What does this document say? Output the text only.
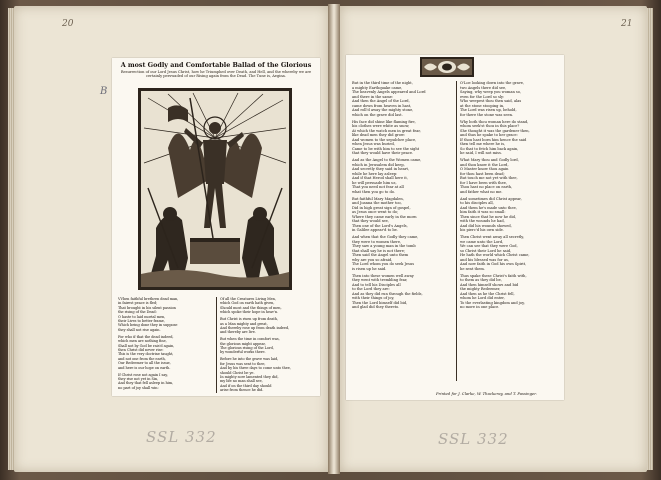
20	21
A most Godly and Comfortable Ballad of the Glorious
Resurrection of our Lord Jesus Christ, how he Triumphed over Death, and Hell, and the whereby we are certainly perswaded of our Rising again from the Dead. The Tune is, Aegina.
VVhen faithful brethren dead man,
in fairest peace is fled;
That brought in his silent passion
the rising of the Dead:
O haste to laid mortal men,
their Lives to better frame,
Which being done they in suppose
they shall not rise again.
For who if that the dead indeed,
which men are nothing fine,
Shall not by God be rais'd again,
then Christ did never rise:
This is the very doctrine taught,
and not one from the earth,
Our Redeemer to all the issue,
and here is our hope on earth.
If Christ rose not again I say,
they rise not yet in Sin,
And they that fell asleep in him,
no part of joy shall win:
Of all the Creatures Living Men,
which God on earth hath given,
Should most and the things of men,
which spoke their hope in heav'n.
But Christ is risen up from death,
as a Man mighty and great,
And thereby rose up from death indeed,
and thereby are live.
But when the time in comfort was,
the glorious might appear,
The glorious rising of the Lord,
by wonderful works there.
Before he into the grave was laid,
for Jesus was sent to thee,
And by his three days to come unto thee,
should Christ be ye.
In mighty sore lamented they did,
my life no man shall see,
And if on the third day should
arise from thence he did.
But in the third time of the night,
a mighty Earthquake came,
The heavenly Angels appeared and Lord
and there in the same:
And then the Angel of the Lord,
came down from heaven in hast,
And roll'd away the mighty stone,
which on the grave did last.
His face did shine like flaming fire,
his clothes were white as snow,
At which the watch men in great fear,
like dead men they did grow:
And women to the sepulchre place,
when Jesus was buried,
Came to be with him to see the sight
that they would have their peace.
And as the Angel to the Women came,
which in Jerusalem did keep,
And secretly they said in heart,
while he here lay asleep:
And if that Herod shall here it,
he will persuade him us,
That you need not fear at all
what then you go to do.
But faithful Mary Magdalen,
and Joanna the mother too,
Did in high great sign of gospel,
as Jesus once went to do;
Where they came early in the morn
that they would see,
Then one of the Lord's Angels,
in Galilee appear'd to be.
And when that the Godly they came,
they were to women there,
They saw a young man in the tomb
that shall say he is not there;
Then said the Angel unto them
why are you so afraid,
The Lord whom you do seek Jesus
is risen up he said.
Then into these women well away
they went with trembling fear,
And to tell his Disciples all
to the Lord they are:
And as they did run through the fields,
with their things of joy,
Then the Lord himself did bid,
and glad did they thereto.
O'Loe looking down into the grave,
two Angels there did see,
Saying, why weep you woman so,
even for the Lord so sly:
Who weepest thou then said, alas
at the stone stooping in,
The Lord was risen up, behold,
for there the stone was seen.
Why both thou woman here do stand,
whom seek'st thou in this place?
She thought it was the gardener then,
and thus he spake to her grace:
If thou hast born him hence the said
then tell me where he is,
So that to fetch him back again,
he said, I will not miss.
What Mary thou and Godly lord,
and thou know it the Lord,
O Master know thou again
for thou hast been dead;
But touch me not yet with thee,
for I have been with thee,
Thou hast no place on earth,
and father what no me.
And sometimes did Christ appear,
to his disciples all,
And them he's made unto thee,
him faith it was so small:
Then since that he now he did,
with the wounds he had,
And did his wounds showed,
his pierc'd his own side.
Then Christ went away all secretly,
we came unto the Lord,
We can see that they were God,
so Christ their Lord he said,
He hath the world which Christ came,
and his blessed was for us,
And now faith in God his own Spirit,
he sent them.
Thus spake these Christ's faith with,
to them as they did be,
And then himself shows and bid
the mighty Redeemer,
And then as he the Christ fell,
whom he Lord did enter,
To the everlasting kingdom and joy,
no more in one place.
Printed for J. Clarke, W. Thackeray, and T. Passinger.
B
SSL 332	SSL 332
